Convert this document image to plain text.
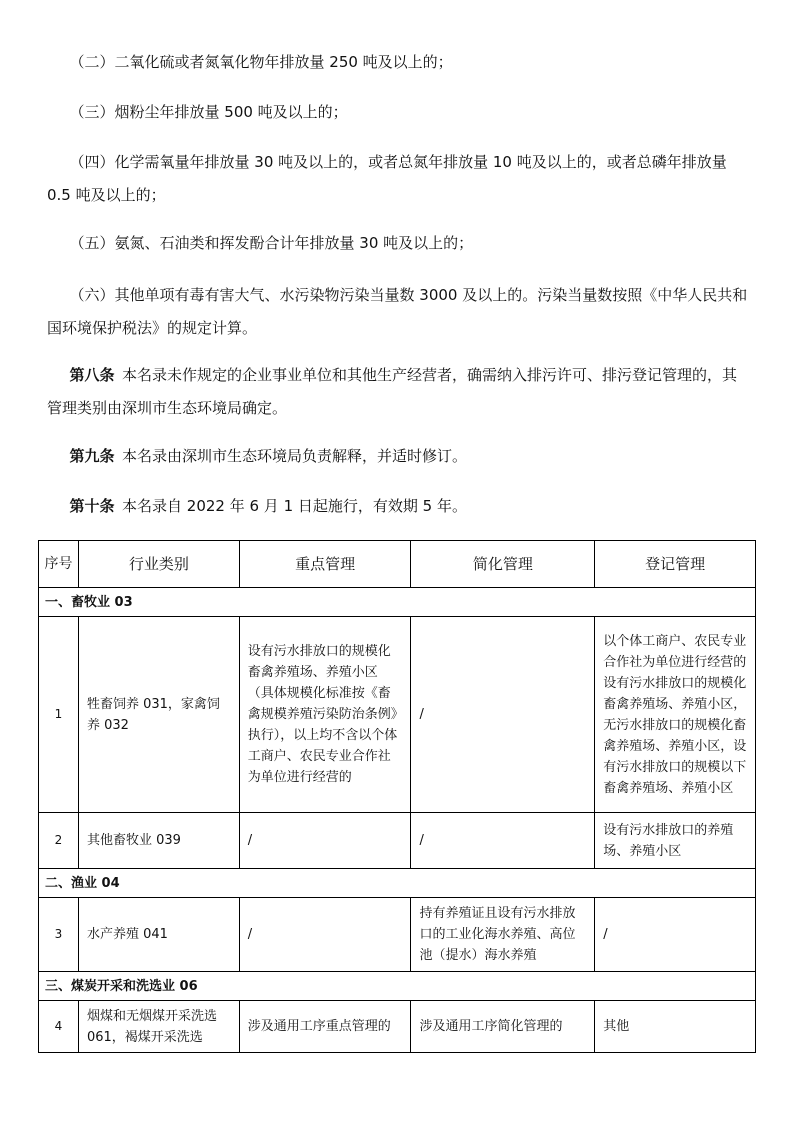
  （二）二氧化硫或者氮氧化物年排放量 250 吨及以上的；

  （三）烟粉尘年排放量 500 吨及以上的；

  （四）化学需氧量年排放量 30 吨及以上的，或者总氮年排放量 10 吨及以上的，或者总磷年排放量 0.5 吨及以上的；

  （五）氨氮、石油类和挥发酚合计年排放量 30 吨及以上的；

  （六）其他单项有毒有害大气、水污染物污染当量数 3000 及以上的。污染当量数按照《中华人民共和国环境保护税法》的规定计算。

  第八条  本名录未作规定的企业事业单位和其他生产经营者，确需纳入排污许可、排污登记管理的，其管理类别由深圳市生态环境局确定。

  第九条  本名录由深圳市生态环境局负责解释，并适时修订。

  第十条  本名录自 2022 年 6 月 1 日起施行，有效期 5 年。

序号	行业类别	重点管理	简化管理	登记管理
一、畜牧业 03				
1	牲畜饲养 031，家禽饲养 032	设有污水排放口的规模化畜禽养殖场、养殖小区（具体规模化标准按《畜禽规模养殖污染防治条例》执行），以上均不含以个体工商户、农民专业合作社为单位进行经营的	/	以个体工商户、农民专业合作社为单位进行经营的设有污水排放口的规模化畜禽养殖场、养殖小区，无污水排放口的规模化畜禽养殖场、养殖小区，设有污水排放口的规模以下畜禽养殖场、养殖小区
2	其他畜牧业 039	/	/	设有污水排放口的养殖场、养殖小区
二、渔业 04				
3	水产养殖 041	/	持有养殖证且设有污水排放口的工业化海水养殖、高位池（提水）海水养殖	/
三、煤炭开采和洗选业 06				
4	烟煤和无烟煤开采洗选 061，褐煤开采洗选	涉及通用工序重点管理的	涉及通用工序简化管理的	其他
